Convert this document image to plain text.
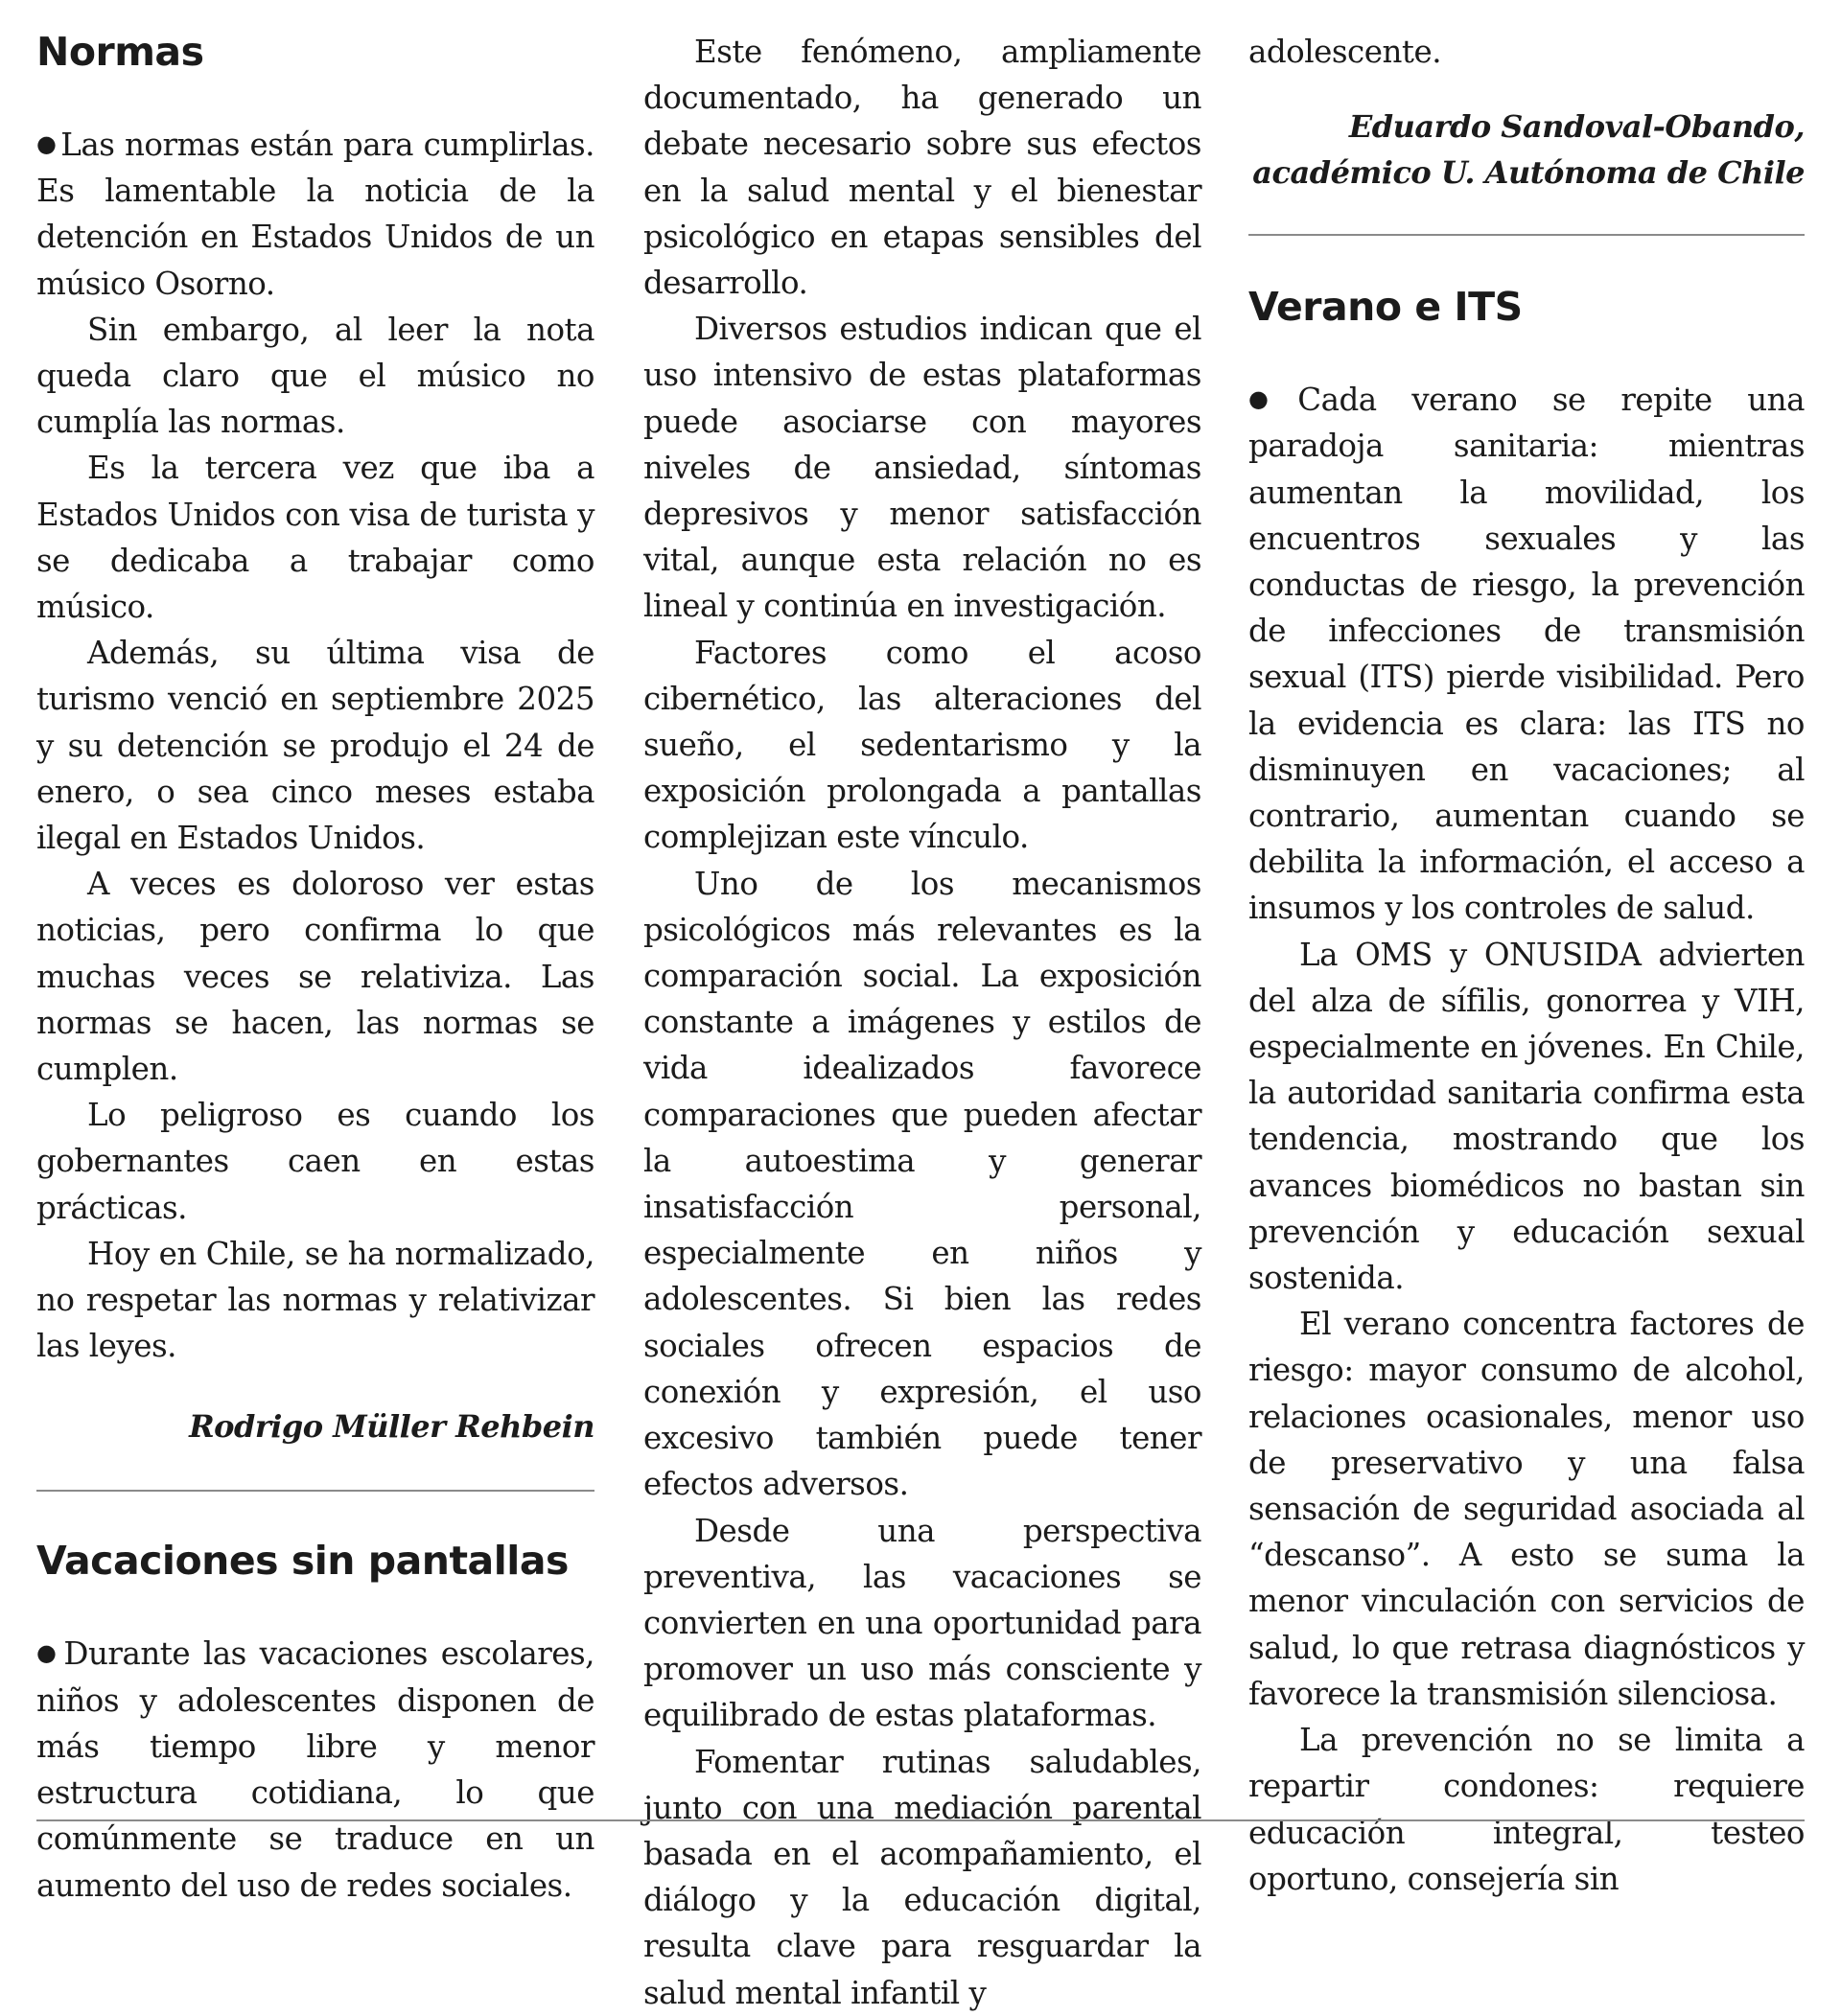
Normas

● Las normas están para cumplirlas. Es lamentable la noticia de la detención en Estados Unidos de un músico Osorno.

Sin embargo, al leer la nota queda claro que el músico no cumplía las normas.

Es la tercera vez que iba a Estados Unidos con visa de turista y se dedicaba a trabajar como músico.

Además, su última visa de turismo venció en septiembre 2025 y su detención se produjo el 24 de enero, o sea cinco meses estaba ilegal en Estados Unidos.

A veces es doloroso ver estas noticias, pero confirma lo que muchas veces se relativiza. Las normas se hacen, las normas se cumplen.

Lo peligroso es cuando los gobernantes caen en estas prácticas.

Hoy en Chile, se ha normalizado, no respetar las normas y relativizar las leyes.

Rodrigo Müller Rehbein

Vacaciones sin pantallas

● Durante las vacaciones escolares, niños y adolescentes disponen de más tiempo libre y menor estructura cotidiana, lo que comúnmente se traduce en un aumento del uso de redes sociales.

Este fenómeno, ampliamente documentado, ha generado un debate necesario sobre sus efectos en la salud mental y el bienestar psicológico en etapas sensibles del desarrollo.

Diversos estudios indican que el uso intensivo de estas plataformas puede asociarse con mayores niveles de ansiedad, síntomas depresivos y menor satisfacción vital, aunque esta relación no es lineal y continúa en investigación.

Factores como el acoso cibernético, las alteraciones del sueño, el sedentarismo y la exposición prolongada a pantallas complejizan este vínculo.

Uno de los mecanismos psicológicos más relevantes es la comparación social. La exposición constante a imágenes y estilos de vida idealizados favorece comparaciones que pueden afectar la autoestima y generar insatisfacción personal, especialmente en niños y adolescentes. Si bien las redes sociales ofrecen espacios de conexión y expresión, el uso excesivo también puede tener efectos adversos.

Desde una perspectiva preventiva, las vacaciones se convierten en una oportunidad para promover un uso más consciente y equilibrado de estas plataformas.

Fomentar rutinas saludables, junto con una mediación parental basada en el acompañamiento, el diálogo y la educación digital, resulta clave para resguardar la salud mental infantil y

adolescente.

Eduardo Sandoval-Obando,

académico U. Autónoma de Chile

Verano e ITS

● Cada verano se repite una paradoja sanitaria: mientras aumentan la movilidad, los encuentros sexuales y las conductas de riesgo, la prevención de infecciones de transmisión sexual (ITS) pierde visibilidad. Pero la evidencia es clara: las ITS no disminuyen en vacaciones; al contrario, aumentan cuando se debilita la información, el acceso a insumos y los controles de salud.

La OMS y ONUSIDA advierten del alza de sífilis, gonorrea y VIH, especialmente en jóvenes. En Chile, la autoridad sanitaria confirma esta tendencia, mostrando que los avances biomédicos no bastan sin prevención y educación sexual sostenida.

El verano concentra factores de riesgo: mayor consumo de alcohol, relaciones ocasionales, menor uso de preservativo y una falsa sensación de seguridad asociada al “descanso”. A esto se suma la menor vinculación con servicios de salud, lo que retrasa diagnósticos y favorece la transmisión silenciosa.

La prevención no se limita a repartir condones: requiere educación integral, testeo oportuno, consejería sin
